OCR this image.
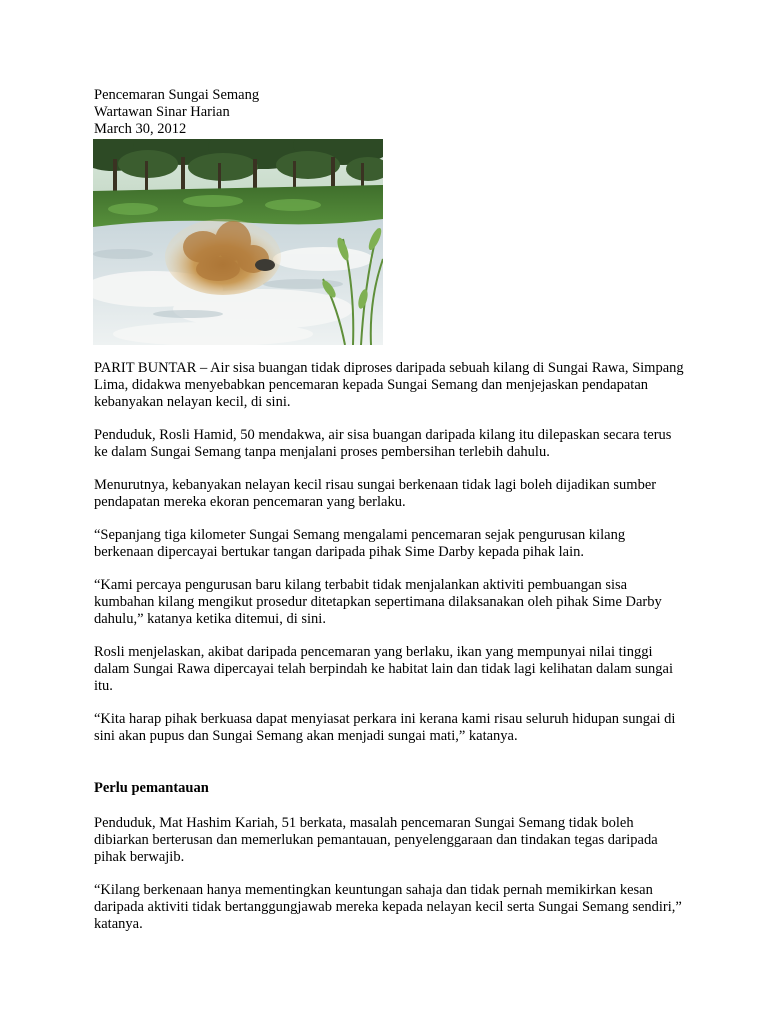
Pencemaran Sungai Semang
Wartawan Sinar Harian
March 30, 2012

PARIT BUNTAR – Air sisa buangan tidak diproses daripada sebuah kilang di Sungai Rawa, Simpang Lima, didakwa menyebabkan pencemaran kepada Sungai Semang dan menjejaskan pendapatan kebanyakan nelayan kecil, di sini.

Penduduk, Rosli Hamid, 50 mendakwa, air sisa buangan daripada kilang itu dilepaskan secara terus ke dalam Sungai Semang tanpa menjalani proses pembersihan terlebih dahulu.

Menurutnya, kebanyakan nelayan kecil risau sungai berkenaan tidak lagi boleh dijadikan sumber pendapatan mereka ekoran pencemaran yang berlaku.

“Sepanjang tiga kilometer Sungai Semang mengalami pencemaran sejak pengurusan kilang berkenaan dipercayai bertukar tangan daripada pihak Sime Darby kepada pihak lain.

“Kami percaya pengurusan baru kilang terbabit tidak menjalankan aktiviti pembuangan sisa kumbahan kilang mengikut prosedur ditetapkan sepertimana dilaksanakan oleh pihak Sime Darby dahulu,” katanya ketika ditemui, di sini.

Rosli menjelaskan, akibat daripada pencemaran yang berlaku, ikan yang mempunyai nilai tinggi dalam Sungai Rawa dipercayai telah berpindah ke habitat lain dan tidak lagi kelihatan dalam sungai itu.

“Kita harap pihak berkuasa dapat menyiasat perkara ini kerana kami risau seluruh hidupan sungai di sini akan pupus dan Sungai Semang akan menjadi sungai mati,” katanya.

Perlu pemantauan

Penduduk, Mat Hashim Kariah, 51 berkata, masalah pencemaran Sungai Semang tidak boleh dibiarkan berterusan dan memerlukan pemantauan, penyelenggaraan dan tindakan tegas daripada pihak berwajib.

“Kilang berkenaan hanya mementingkan keuntungan sahaja dan tidak pernah memikirkan kesan daripada aktiviti tidak bertanggungjawab mereka kepada nelayan kecil serta Sungai Semang sendiri,” katanya.
